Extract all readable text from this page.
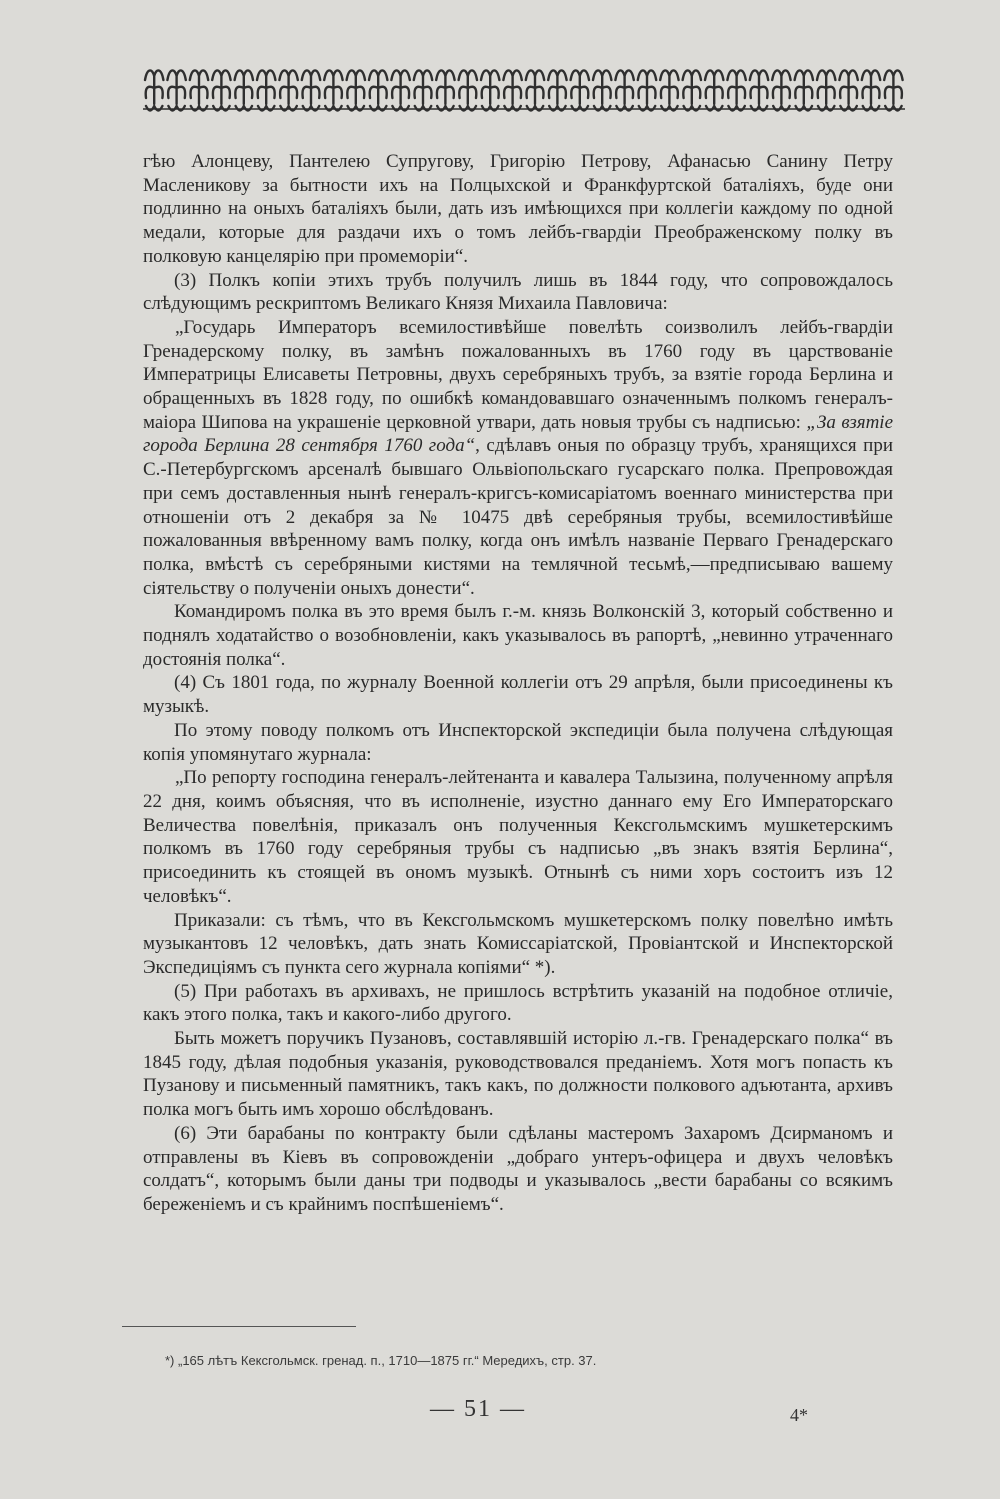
гѣю Алонцеву, Пантелею Супругову, Григорію Петрову, Афанасью Санину Петру Масленикову за бытности ихъ на Полцыхской и Франкфуртской баталіяхъ, буде они подлинно на оныхъ баталіяхъ были, дать изъ имѣющихся при коллегіи каждому по одной медали, которые для раздачи ихъ о томъ лейбъ-гвардіи Преображенскому полку въ полковую канцелярію при промеморіи“.

(3) Полкъ копіи этихъ трубъ получилъ лишь въ 1844 году, что сопровождалось слѣдующимъ рескриптомъ Великаго Князя Михаила Павловича:

„Государь Императоръ всемилостивѣйше повелѣть соизволилъ лейбъ-гвардіи Гренадерскому полку, въ замѣнъ пожалованныхъ въ 1760 году въ царствованіе Императрицы Елисаветы Петровны, двухъ серебряныхъ трубъ, за взятіе города Берлина и обращенныхъ въ 1828 году, по ошибкѣ командовавшаго означеннымъ полкомъ генералъ-маіора Шипова на украшеніе церковной утвари, дать новыя трубы съ надписью: „За взятіе города Берлина 28 сентября 1760 года“, сдѣлавъ оныя по образцу трубъ, хранящихся при С.-Петербургскомъ арсеналѣ бывшаго Ольвіопольскаго гусарскаго полка. Препровождая при семъ доставленныя нынѣ генералъ-кригсъ-комисаріатомъ военнаго министерства при отношеніи отъ 2 декабря за № 10475 двѣ серебряныя трубы, всемилостивѣйше пожалованныя ввѣренному вамъ полку, когда онъ имѣлъ названіе Перваго Гренадерскаго полка, вмѣстѣ съ серебряными кистями на темлячной тесьмѣ,—предписываю вашему сіятельству о полученіи оныхъ донести“.

Командиромъ полка въ это время былъ г.-м. князь Волконскій 3, который собственно и поднялъ ходатайство о возобновленіи, какъ указывалось въ рапортѣ, „невинно утраченнаго достоянія полка“.

(4) Съ 1801 года, по журналу Военной коллегіи отъ 29 апрѣля, были присоединены къ музыкѣ.

По этому поводу полкомъ отъ Инспекторской экспедиціи была получена слѣдующая копія упомянутаго журнала:

„По репорту господина генералъ-лейтенанта и кавалера Талызина, полученному апрѣля 22 дня, коимъ объясняя, что въ исполненіе, изустно даннаго ему Его Императорскаго Величества повелѣнія, приказалъ онъ полученныя Кексгольмскимъ мушкетерскимъ полкомъ въ 1760 году серебряныя трубы съ надписью „въ знакъ взятія Берлина“, присоединить къ стоящей въ ономъ музыкѣ. Отнынѣ съ ними хоръ состоитъ изъ 12 человѣкъ“.

Приказали: съ тѣмъ, что въ Кексгольмскомъ мушкетерскомъ полку повелѣно имѣть музыкантовъ 12 человѣкъ, дать знать Комиссаріатской, Провіантской и Инспекторской Экспедиціямъ съ пункта сего журнала копіями“ *).

(5) При работахъ въ архивахъ, не пришлось встрѣтить указаній на подобное отличіе, какъ этого полка, такъ и какого-либо другого.

Быть можетъ поручикъ Пузановъ, составлявшій исторію л.-гв. Гренадерскаго полка“ въ 1845 году, дѣлая подобныя указанія, руководствовался преданіемъ. Хотя могъ попасть къ Пузанову и письменный памятникъ, такъ какъ, по должности полкового адъютанта, архивъ полка могъ быть имъ хорошо обслѣдованъ.

(6) Эти барабаны по контракту были сдѣланы мастеромъ Захаромъ Дсирманомъ и отправлены въ Кіевъ въ сопровожденіи „добраго унтеръ-офицера и двухъ человѣкъ солдатъ“, которымъ были даны три подводы и указывалось „вести барабаны со всякимъ береженіемъ и съ крайнимъ поспѣшеніемъ“.

*) „165 лѣтъ Кексгольмск. гренад. п., 1710—1875 гг.“ Мередихъ, стр. 37.
— 51 —	4*
